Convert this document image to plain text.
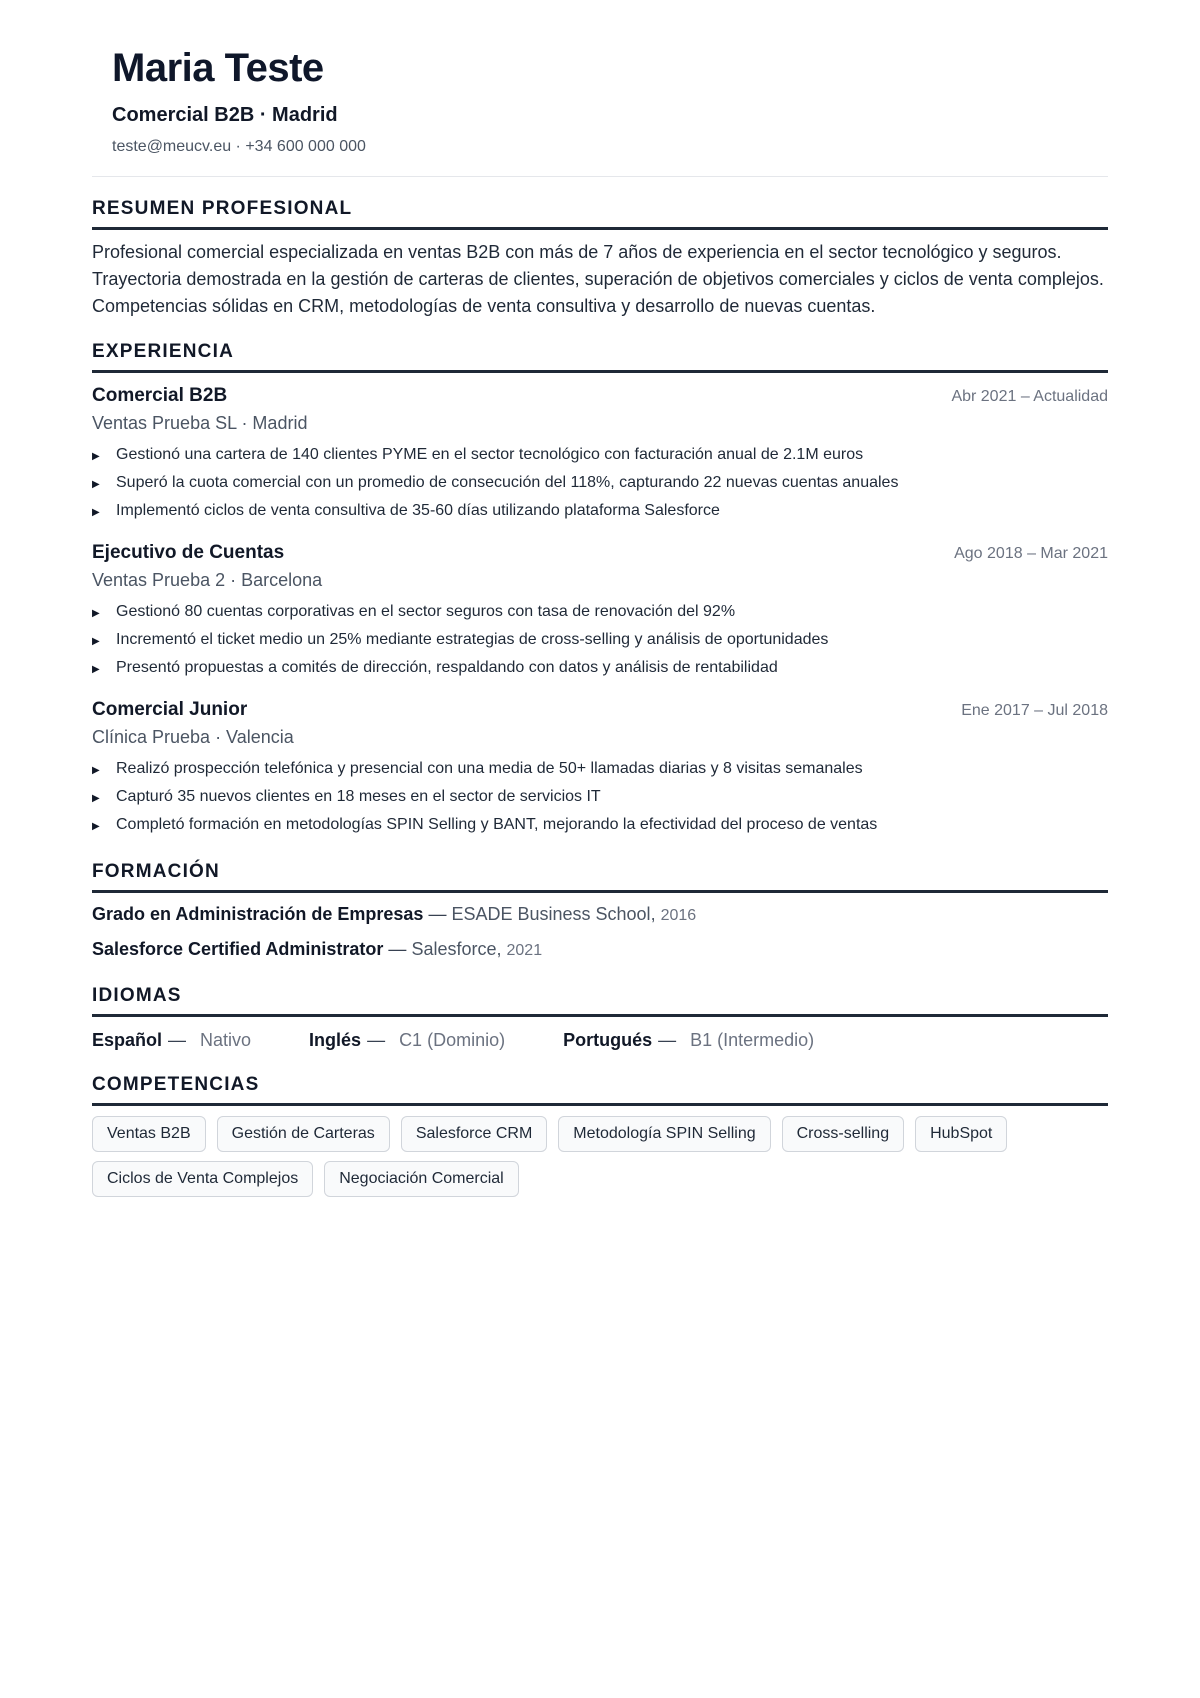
Maria Teste
Comercial B2B · Madrid
teste@meucv.eu · +34 600 000 000
RESUMEN PROFESIONAL

Profesional comercial especializada en ventas B2B con más de 7 años de experiencia en el sector tecnológico y seguros. Trayectoria demostrada en la gestión de carteras de clientes, superación de objetivos comerciales y ciclos de venta complejos. Competencias sólidas en CRM, metodologías de venta consultiva y desarrollo de nuevas cuentas.

EXPERIENCIA
Comercial B2B	Abr 2021 – Actualidad
Ventas Prueba SL · Madrid
▶	Gestionó una cartera de 140 clientes PYME en el sector tecnológico con facturación anual de 2.1M euros
▶	Superó la cuota comercial con un promedio de consecución del 118%, capturando 22 nuevas cuentas anuales
▶	Implementó ciclos de venta consultiva de 35-60 días utilizando plataforma Salesforce
Ejecutivo de Cuentas	Ago 2018 – Mar 2021
Ventas Prueba 2 · Barcelona
▶	Gestionó 80 cuentas corporativas en el sector seguros con tasa de renovación del 92%
▶	Incrementó el ticket medio un 25% mediante estrategias de cross-selling y análisis de oportunidades
▶	Presentó propuestas a comités de dirección, respaldando con datos y análisis de rentabilidad
Comercial Junior	Ene 2017 – Jul 2018
Clínica Prueba · Valencia
▶	Realizó prospección telefónica y presencial con una media de 50+ llamadas diarias y 8 visitas semanales
▶	Capturó 35 nuevos clientes en 18 meses en el sector de servicios IT
▶	Completó formación en metodologías SPIN Selling y BANT, mejorando la efectividad del proceso de ventas
FORMACIÓN
Grado en Administración de Empresas — ESADE Business School, 2016
Salesforce Certified Administrator — Salesforce, 2021
IDIOMAS
Español — Nativo	Inglés — C1 (Dominio)	Portugués — B1 (Intermedio)
COMPETENCIAS
Ventas B2B	Gestión de Carteras	Salesforce CRM	Metodología SPIN Selling	Cross-selling	HubSpot
Ciclos de Venta Complejos	Negociación Comercial
